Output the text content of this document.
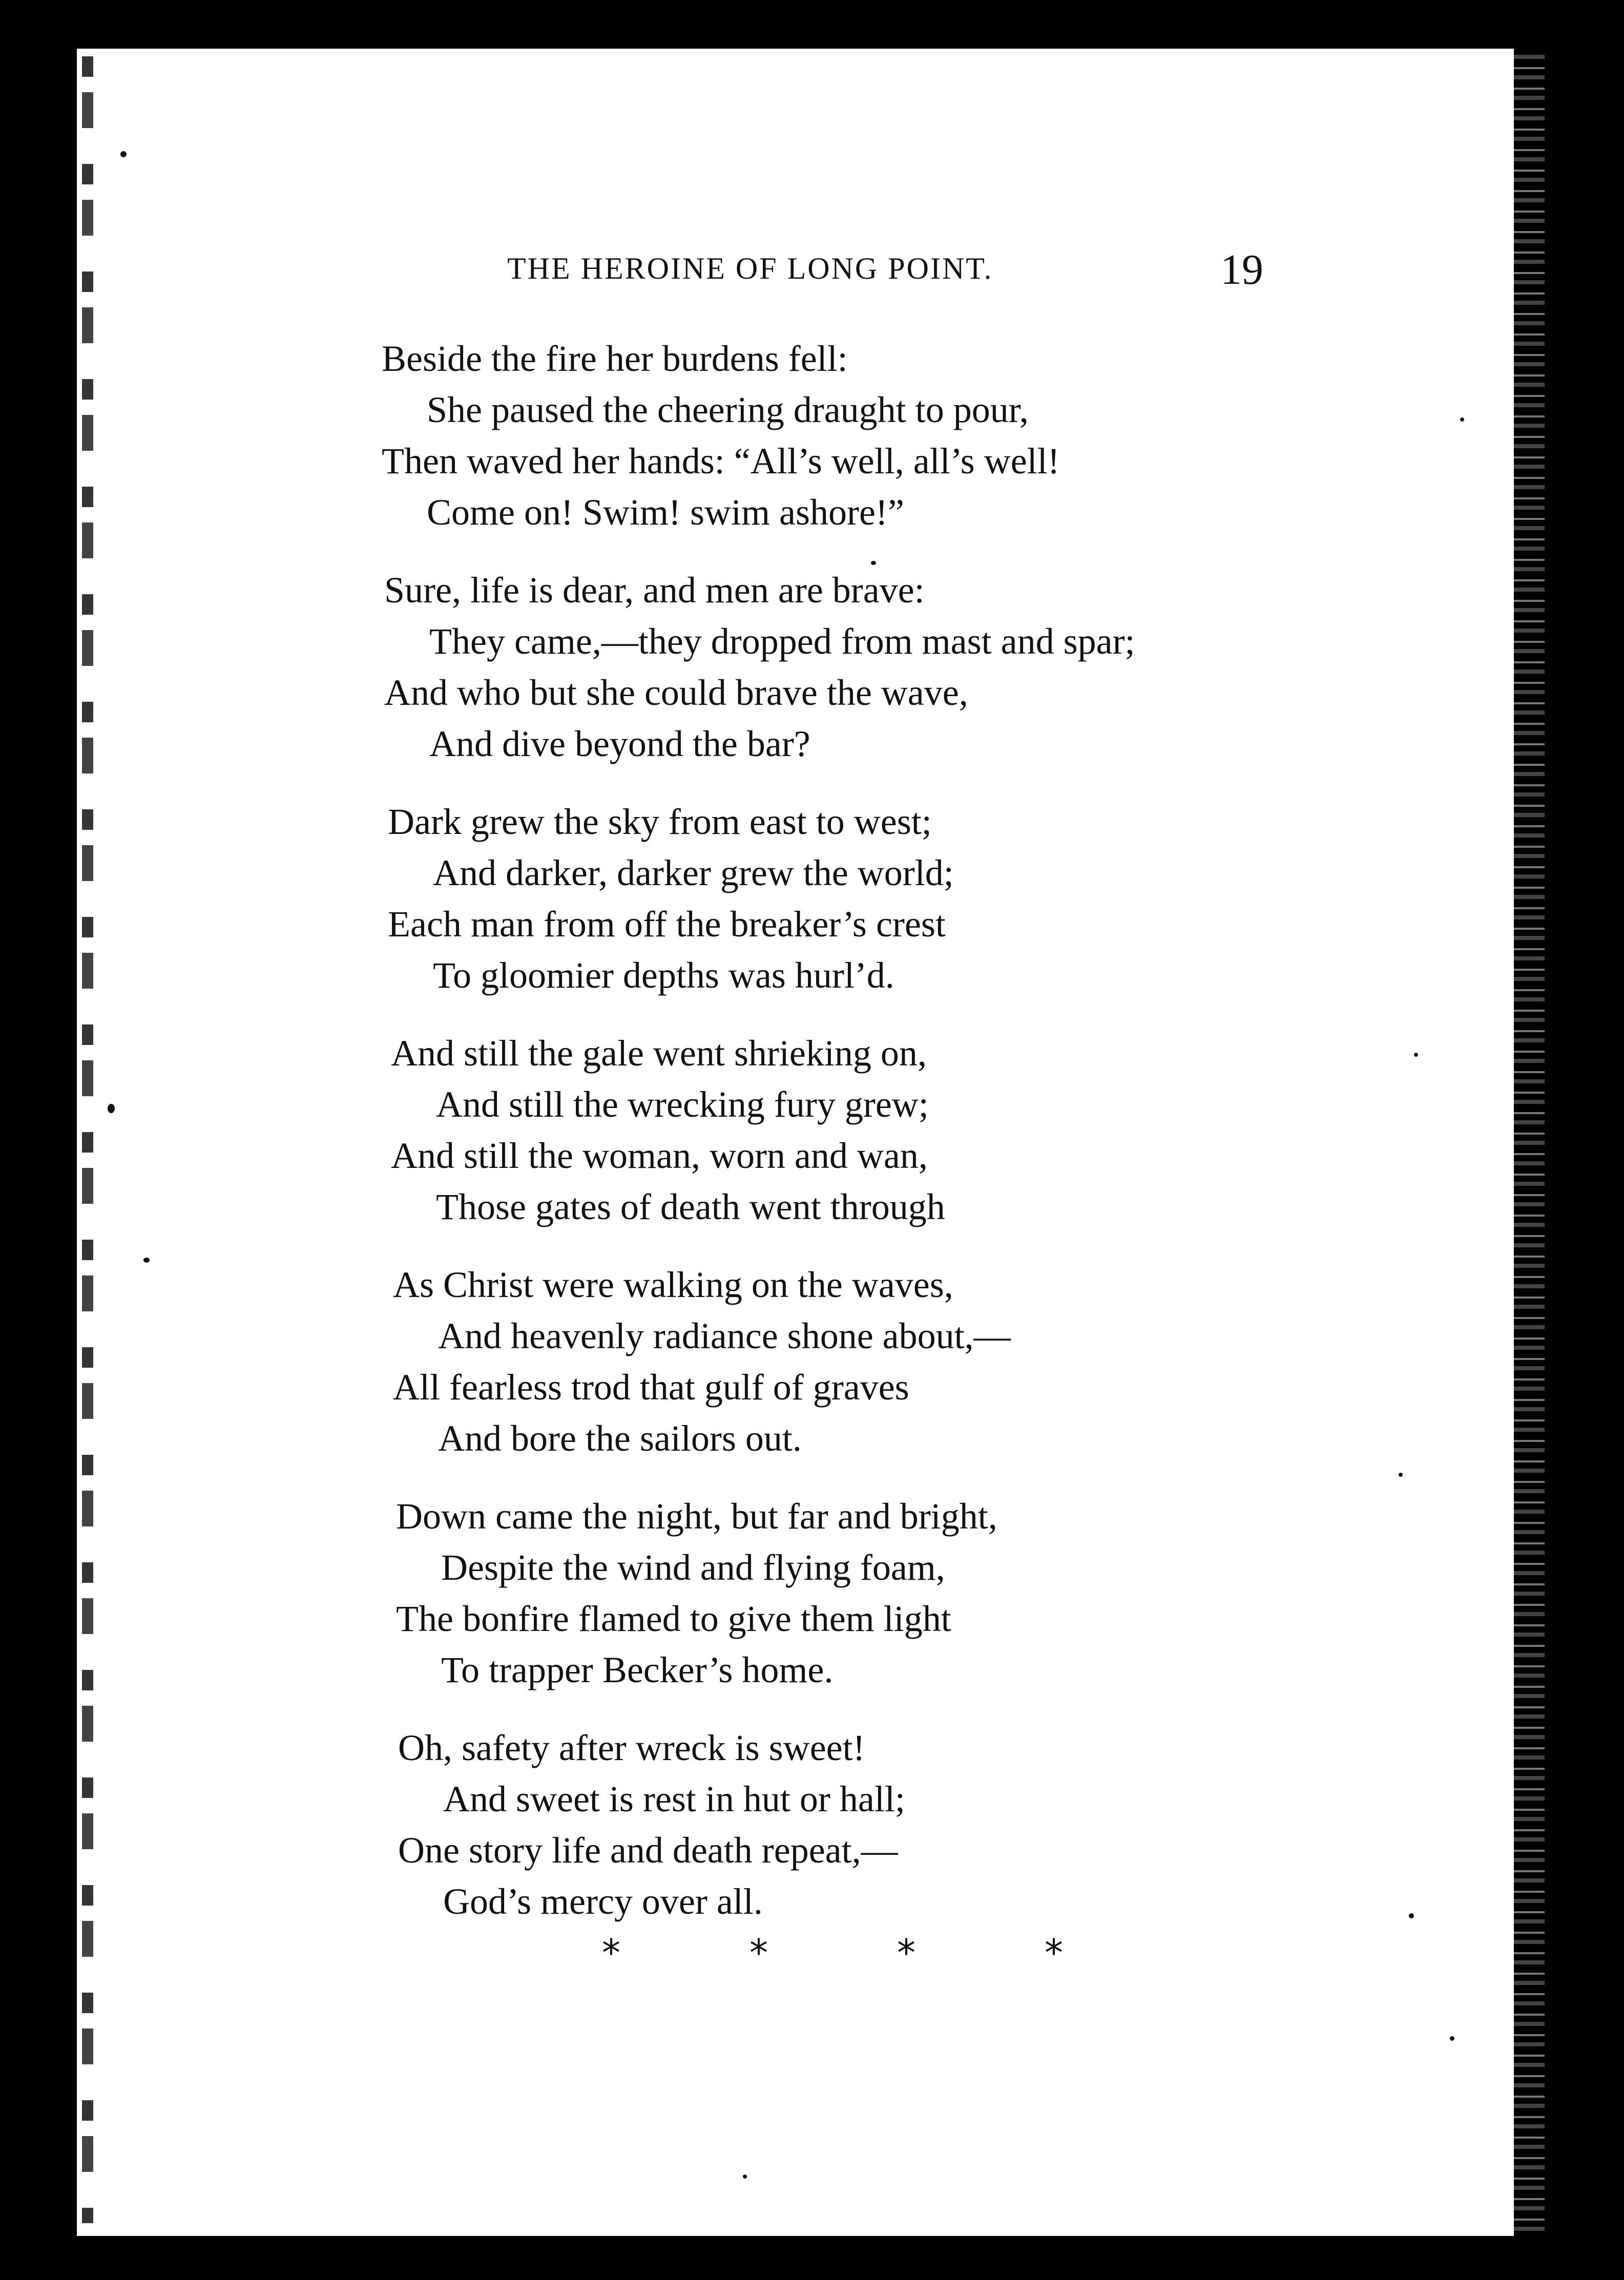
THE HEROINE OF LONG POINT.	19
Beside the fire her burdens fell:
She paused the cheering draught to pour,
Then waved her hands: “All’s well, all’s well!
Come on! Swim! swim ashore!”
Sure, life is dear, and men are brave:
They came,—they dropped from mast and spar;
And who but she could brave the wave,
And dive beyond the bar?
Dark grew the sky from east to west;
And darker, darker grew the world;
Each man from off the breaker’s crest
To gloomier depths was hurl’d.
And still the gale went shrieking on,
And still the wrecking fury grew;
And still the woman, worn and wan,
Those gates of death went through
As Christ were walking on the waves,
And heavenly radiance shone about,—
All fearless trod that gulf of graves
And bore the sailors out.
Down came the night, but far and bright,
Despite the wind and flying foam,
The bonfire flamed to give them light
To trapper Becker’s home.
Oh, safety after wreck is sweet!
And sweet is rest in hut or hall;
One story life and death repeat,—
God’s mercy over all.
*	*	*	*
